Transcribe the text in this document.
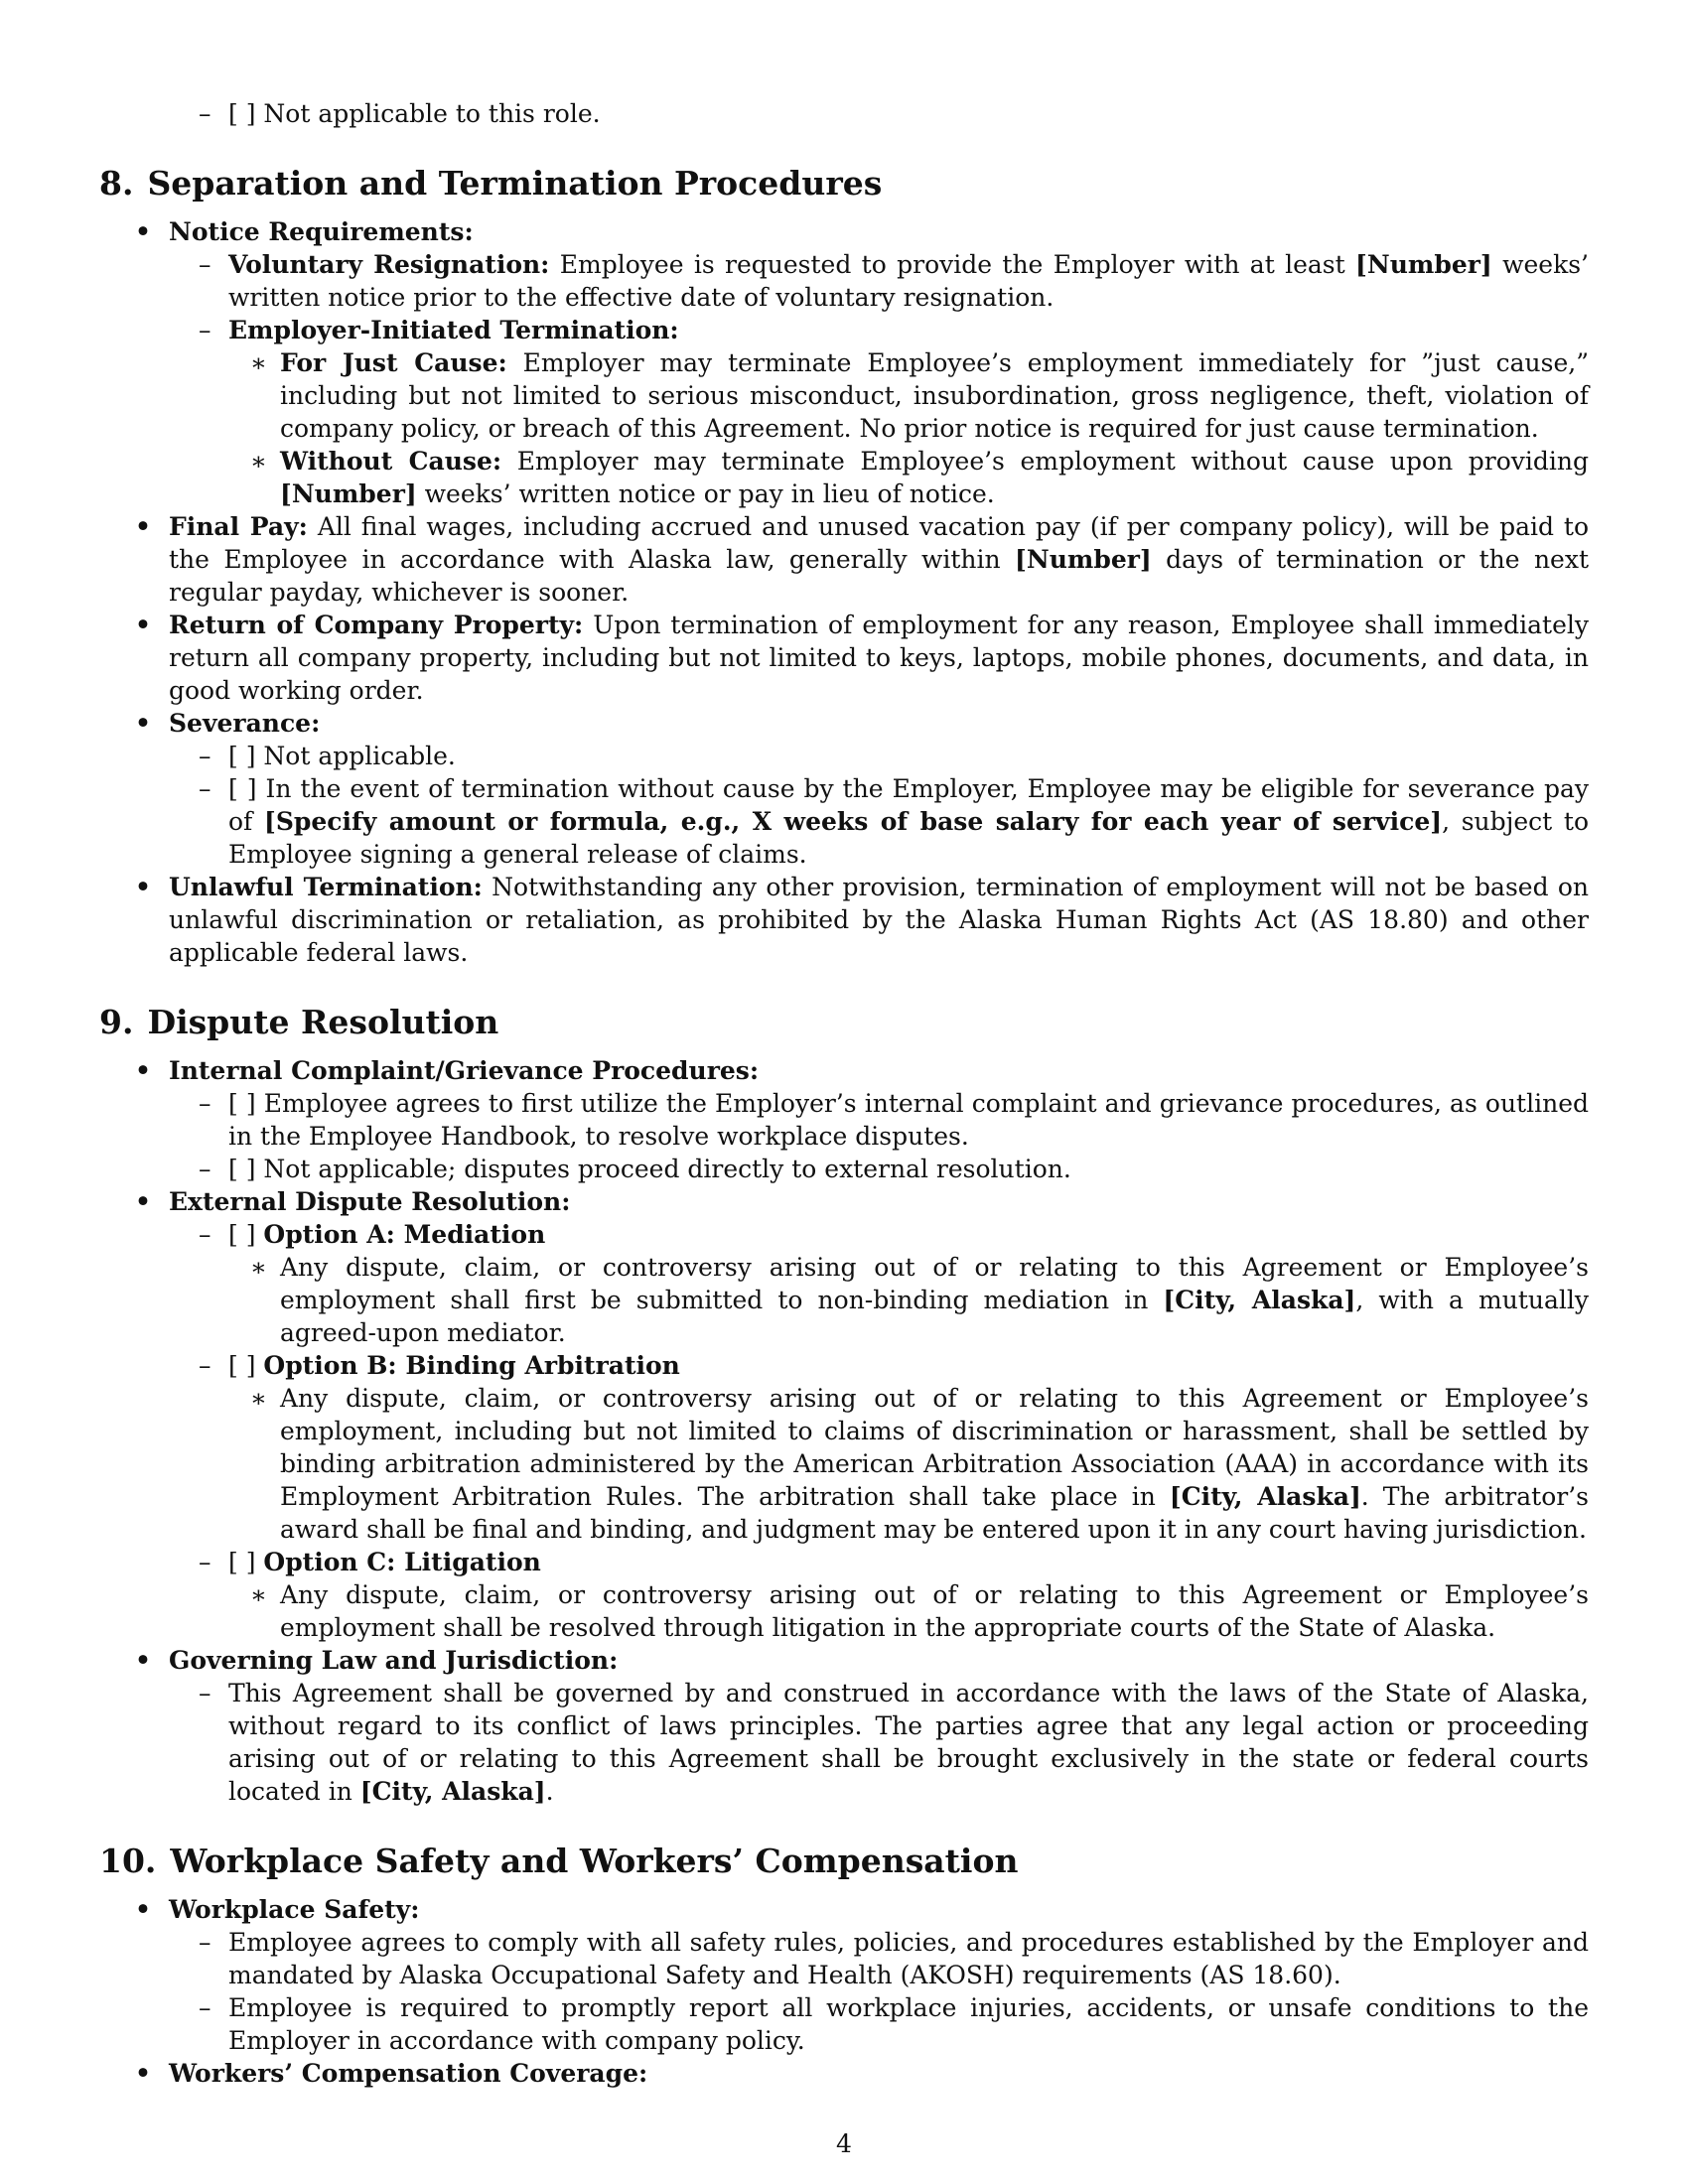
– [ ] Not applicable to this role.
8. Separation and Termination Procedures
• Notice Requirements:
– Voluntary Resignation: Employee is requested to provide the Employer with at least [Number] weeks’ written notice prior to the effective date of voluntary resignation.
– Employer-Initiated Termination:
∗ For Just Cause: Employer may terminate Employee’s employment immediately for ”just cause,” including but not limited to serious misconduct, insubordination, gross negligence, theft, violation of company policy, or breach of this Agreement. No prior notice is required for just cause termination.
∗ Without Cause: Employer may terminate Employee’s employment without cause upon providing [Number] weeks’ written notice or pay in lieu of notice.
• Final Pay: All final wages, including accrued and unused vacation pay (if per company policy), will be paid to the Employee in accordance with Alaska law, generally within [Number] days of termination or the next regular payday, whichever is sooner.
• Return of Company Property: Upon termination of employment for any reason, Employee shall immediately return all company property, including but not limited to keys, laptops, mobile phones, documents, and data, in good working order.
• Severance:
– [ ] Not applicable.
– [ ] In the event of termination without cause by the Employer, Employee may be eligible for severance pay of [Specify amount or formula, e.g., X weeks of base salary for each year of service], subject to Employee signing a general release of claims.
• Unlawful Termination: Notwithstanding any other provision, termination of employment will not be based on unlawful discrimination or retaliation, as prohibited by the Alaska Human Rights Act (AS 18.80) and other applicable federal laws.
9. Dispute Resolution
• Internal Complaint/Grievance Procedures:
– [ ] Employee agrees to first utilize the Employer’s internal complaint and grievance procedures, as outlined in the Employee Handbook, to resolve workplace disputes.
– [ ] Not applicable; disputes proceed directly to external resolution.
• External Dispute Resolution:
– [ ] Option A: Mediation
∗ Any dispute, claim, or controversy arising out of or relating to this Agreement or Employee’s employment shall first be submitted to non-binding mediation in [City, Alaska], with a mutually agreed-upon mediator.
– [ ] Option B: Binding Arbitration
∗ Any dispute, claim, or controversy arising out of or relating to this Agreement or Employee’s employment, including but not limited to claims of discrimination or harassment, shall be settled by binding arbitration administered by the American Arbitration Association (AAA) in accordance with its Employment Arbitration Rules. The arbitration shall take place in [City, Alaska]. The arbitrator’s award shall be final and binding, and judgment may be entered upon it in any court having jurisdiction.
– [ ] Option C: Litigation
∗ Any dispute, claim, or controversy arising out of or relating to this Agreement or Employee’s employment shall be resolved through litigation in the appropriate courts of the State of Alaska.
• Governing Law and Jurisdiction:
– This Agreement shall be governed by and construed in accordance with the laws of the State of Alaska, without regard to its conflict of laws principles. The parties agree that any legal action or proceeding arising out of or relating to this Agreement shall be brought exclusively in the state or federal courts located in [City, Alaska].
10. Workplace Safety and Workers’ Compensation
• Workplace Safety:
– Employee agrees to comply with all safety rules, policies, and procedures established by the Employer and mandated by Alaska Occupational Safety and Health (AKOSH) requirements (AS 18.60).
– Employee is required to promptly report all workplace injuries, accidents, or unsafe conditions to the Employer in accordance with company policy.
• Workers’ Compensation Coverage:
4
